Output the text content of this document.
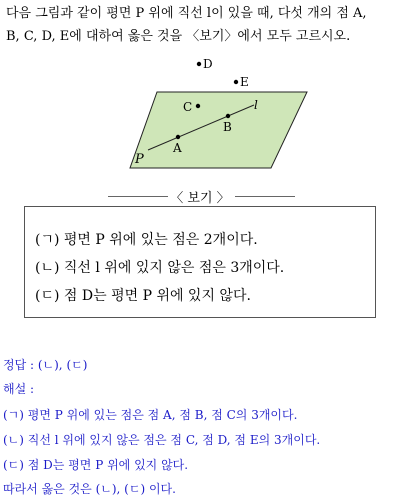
다음 그림과 같이 평면 P 위에 직선 l이 있을 때, 다섯 개의 점 A,
B, C, D, E에 대하여 옳은 것을 〈보기〉에서 모두 고르시오.
A
B
C
D
E
l
P
〈 보기 〉
(ㄱ) 평면 P 위에 있는 점은 2개이다.
(ㄴ) 직선 l 위에 있지 않은 점은 3개이다.
(ㄷ) 점 D는 평면 P 위에 있지 않다.
정답 : (ㄴ), (ㄷ)
해설 :
(ㄱ) 평면 P 위에 있는 점은 점 A, 점 B, 점 C의 3개이다.
(ㄴ) 직선 l 위에 있지 않은 점은 점 C, 점 D, 점 E의 3개이다.
(ㄷ) 점 D는 평면 P 위에 있지 않다.
따라서 옳은 것은 (ㄴ), (ㄷ) 이다.
